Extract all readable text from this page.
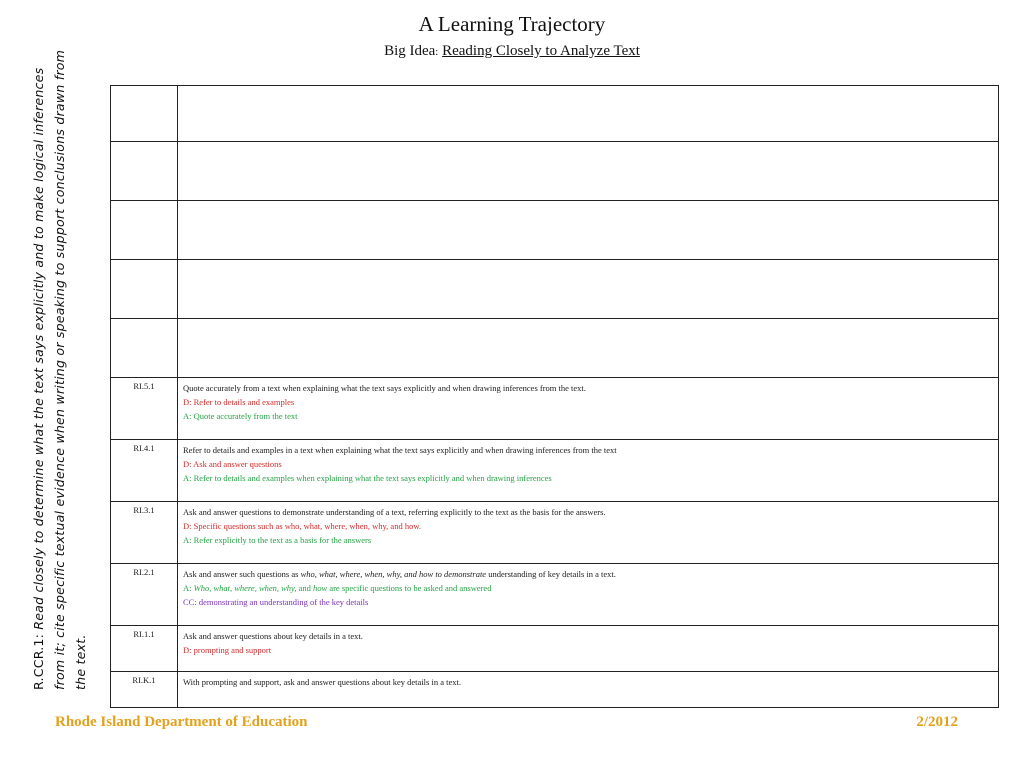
A Learning Trajectory
Big Idea: Reading Closely to Analyze Text
R.CCR.1: Read closely to determine what the text says explicitly and to make logical inferences from it; cite specific textual evidence when writing or speaking to support conclusions drawn from the text.

RI.5.1	Quote accurately from a text when explaining what the text says explicitly and when drawing inferences from the text.
D: Refer to details and examples
A: Quote accurately from the text

RI.4.1	Refer to details and examples in a text when explaining what the text says explicitly and when drawing inferences from the text
D: Ask and answer questions
A: Refer to details and examples when explaining what the text says explicitly and when drawing inferences

RI.3.1	Ask and answer questions to demonstrate understanding of a text, referring explicitly to the text as the basis for the answers.
D: Specific questions such as who, what, where, when, why, and how.
A: Refer explicitly to the text as a basis for the answers

RI.2.1	Ask and answer such questions as who, what, where, when, why, and how to demonstrate understanding of key details in a text.
A: Who, what, where, when, why, and how are specific questions to be asked and answered
CC: demonstrating an understanding of the key details

RI.1.1	Ask and answer questions about key details in a text.
D: prompting and support

RI.K.1	With prompting and support, ask and answer questions about key details in a text.
Rhode Island Department of Education	2/2012
